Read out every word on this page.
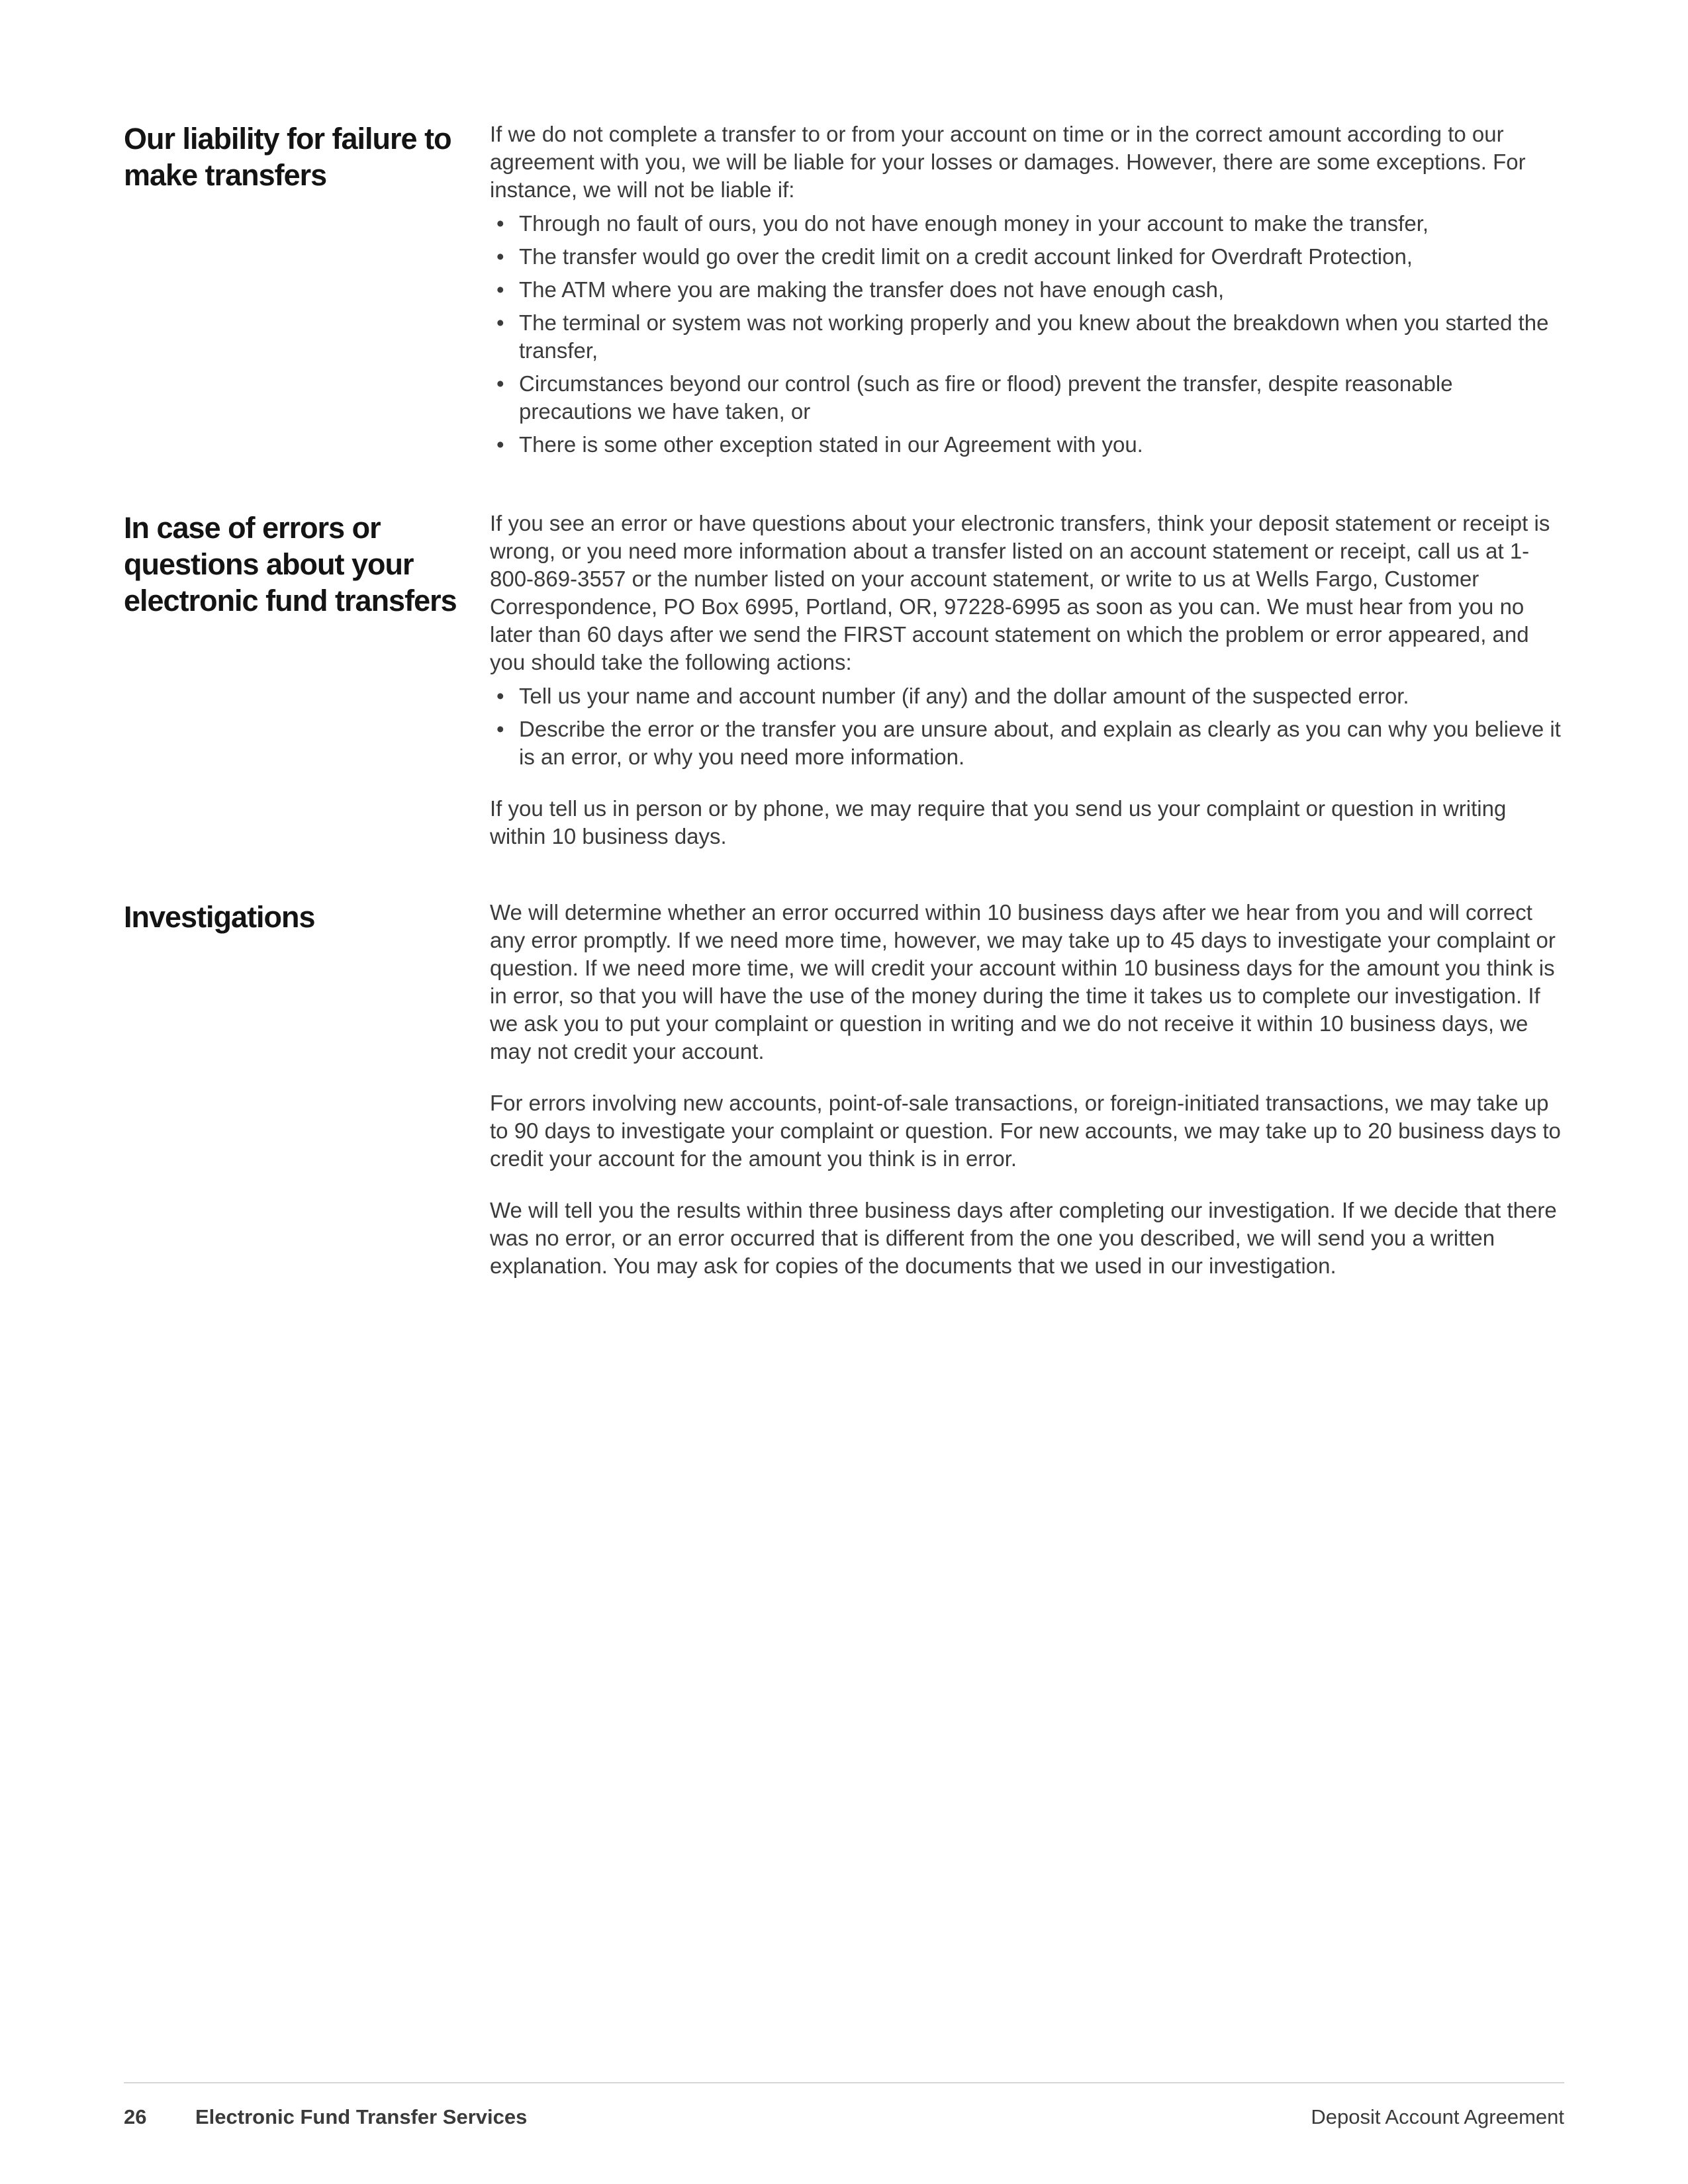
Our liability for failure to make transfers

If we do not complete a transfer to or from your account on time or in the correct amount according to our agreement with you, we will be liable for your losses or damages. However, there are some exceptions. For instance, we will not be liable if:

• Through no fault of ours, you do not have enough money in your account to make the transfer,
• The transfer would go over the credit limit on a credit account linked for Overdraft Protection,
• The ATM where you are making the transfer does not have enough cash,
• The terminal or system was not working properly and you knew about the breakdown when you started the transfer,
• Circumstances beyond our control (such as fire or flood) prevent the transfer, despite reasonable precautions we have taken, or
• There is some other exception stated in our Agreement with you.
In case of errors or questions about your electronic fund transfers

If you see an error or have questions about your electronic transfers, think your deposit statement or receipt is wrong, or you need more information about a transfer listed on an account statement or receipt, call us at 1-800-869-3557 or the number listed on your account statement, or write to us at Wells Fargo, Customer Correspondence, PO Box 6995, Portland, OR, 97228-6995 as soon as you can. We must hear from you no later than 60 days after we send the FIRST account statement on which the problem or error appeared, and you should take the following actions:

• Tell us your name and account number (if any) and the dollar amount of the suspected error.
• Describe the error or the transfer you are unsure about, and explain as clearly as you can why you believe it is an error, or why you need more information.

If you tell us in person or by phone, we may require that you send us your complaint or question in writing within 10 business days.

Investigations	We will determine whether an error occurred within 10 business days after we hear from you and will correct any error promptly. If we need more time, however, we may take up to 45 days to investigate your complaint or question. If we need more time, we will credit your account within 10 business days for the amount you think is in error, so that you will have the use of the money during the time it takes us to complete our investigation. If we ask you to put your complaint or question in writing and we do not receive it within 10 business days, we may not credit your account.

For errors involving new accounts, point-of-sale transactions, or foreign-initiated transactions, we may take up to 90 days to investigate your complaint or question. For new accounts, we may take up to 20 business days to credit your account for the amount you think is in error.

We will tell you the results within three business days after completing our investigation. If we decide that there was no error, or an error occurred that is different from the one you described, we will send you a written explanation. You may ask for copies of the documents that we used in our investigation.

26 Electronic Fund Transfer Services	Deposit Account Agreement
